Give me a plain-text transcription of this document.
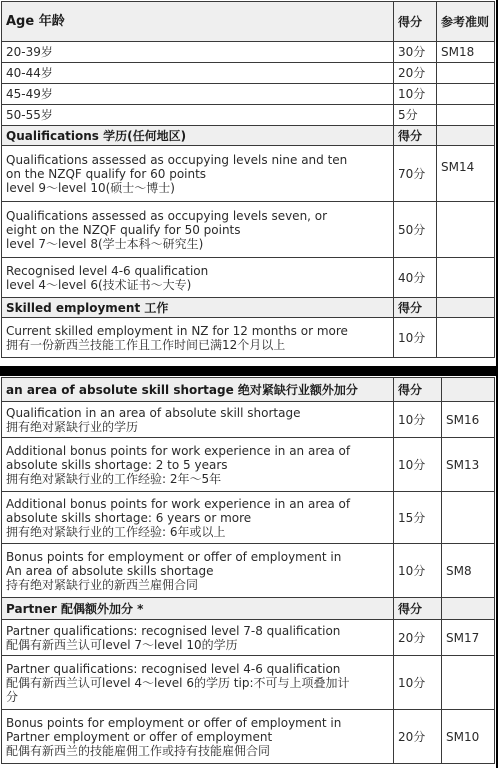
Age 年龄	得分	参考准则
20-39岁	30分	SM18
40-44岁	20分	
45-49岁	10分	
50-55岁	5分	
Qualifications 学历(任何地区)	得分	

Qualifications assessed as occupying levels nine and ten
on the NZQF qualify for 60 points
level 9～level 10(硕士～博士)	70分	SM14

Qualifications assessed as occupying levels seven, or
eight on the NZQF qualify for 50 points
level 7～level 8(学士本科～研究生)	50分	

Recognised level 4-6 qualification
level 4～level 6(技术证书～大专)	40分	
Skilled employment 工作	得分	

Current skilled employment in NZ for 12 months or more
拥有一份新西兰技能工作且工作时间已满12个月以上	10分	
an area of absolute skill shortage 绝对紧缺行业额外加分	得分	

Qualification in an area of absolute skill shortage
拥有绝对紧缺行业的学历	10分	SM16

Additional bonus points for work experience in an area of
absolute skills shortage: 2 to 5 years
拥有绝对紧缺行业的工作经验: 2年～5年	10分	SM13

Additional bonus points for work experience in an area of
absolute skills shortage: 6 years or more
拥有绝对紧缺行业的工作经验: 6年或以上	15分	

Bonus points for employment or offer of employment in
An area of absolute skills shortage
持有绝对紧缺行业的新西兰雇佣合同	10分	SM8
Partner 配偶额外加分 *	得分	

Partner qualifications: recognised level 7-8 qualification
配偶有新西兰认可level 7～level 10的学历	20分	SM17

Partner qualifications: recognised level 4-6 qualification
配偶有新西兰认可level 4～level 6的学历 tip:不可与上项叠加计
分	10分	

Bonus points for employment or offer of employment in
Partner employment or offer of employment
配偶有新西兰的技能雇佣工作或持有技能雇佣合同	20分	SM10
